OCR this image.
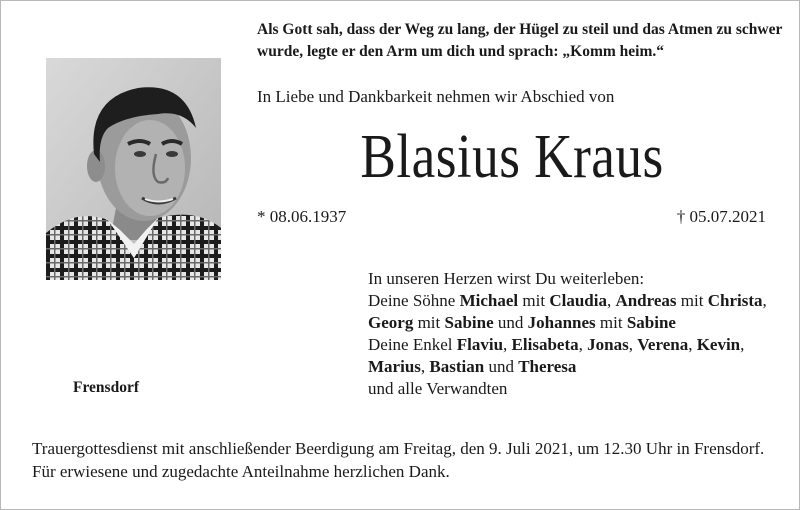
Als Gott sah, dass der Weg zu lang, der Hügel zu steil und das Atmen zu schwer
wurde, legte er den Arm um dich und sprach: „Komm heim.“
Frensdorf
In Liebe und Dankbarkeit nehmen wir Abschied von
Blasius Kraus
* 08.06.1937	† 05.07.2021
In unseren Herzen wirst Du weiterleben:
Deine Söhne Michael mit Claudia, Andreas mit Christa,
Georg mit Sabine und Johannes mit Sabine
Deine Enkel Flaviu, Elisabeta, Jonas, Verena, Kevin,
Marius, Bastian und Theresa
und alle Verwandten
Trauergottesdienst mit anschließender Beerdigung am Freitag, den 9. Juli 2021, um 12.30 Uhr in Frensdorf.
Für erwiesene und zugedachte Anteilnahme herzlichen Dank.
